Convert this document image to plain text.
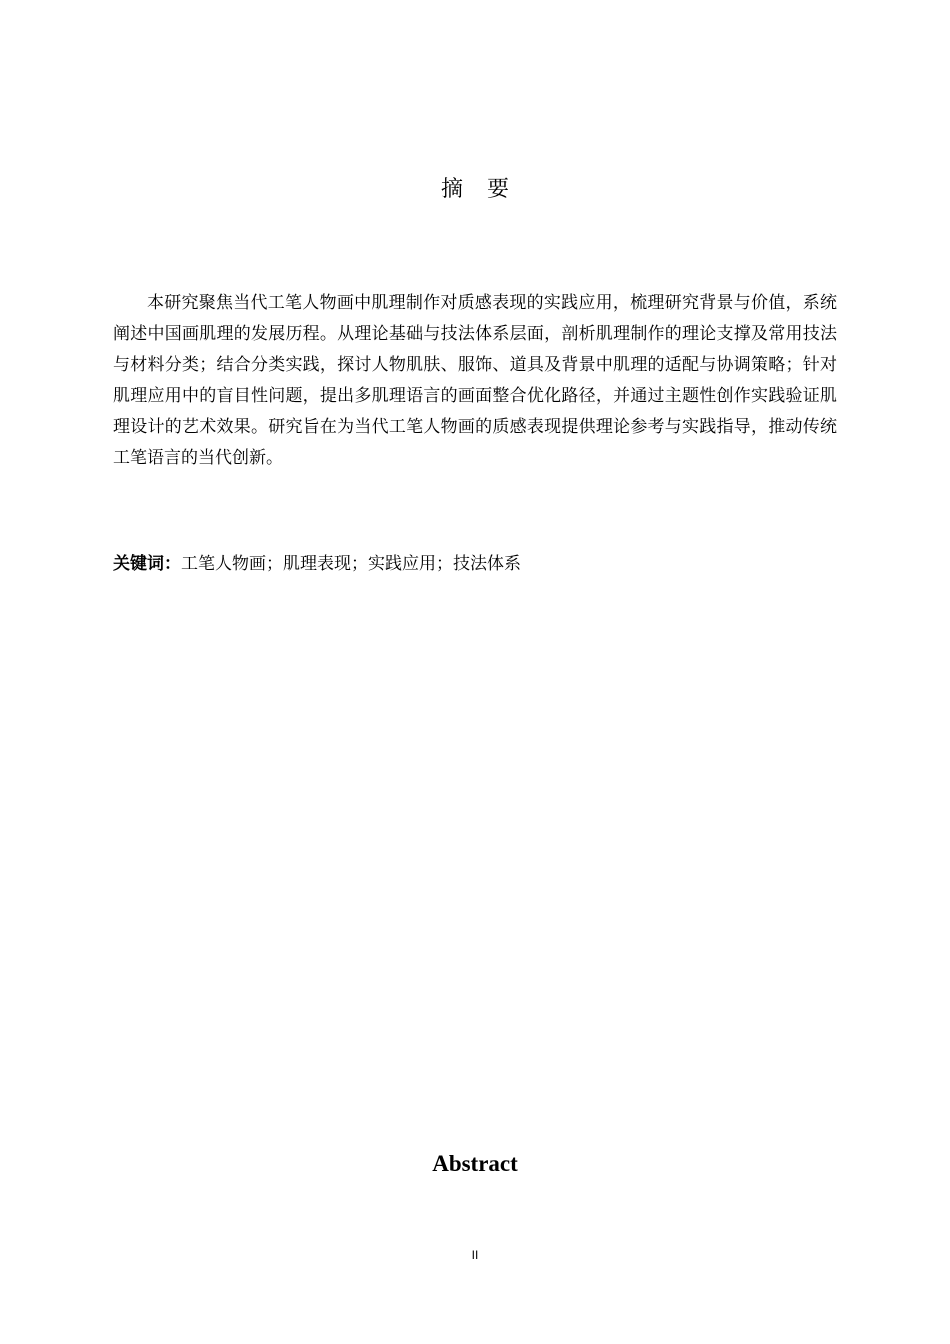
摘要

本研究聚焦当代工笔人物画中肌理制作对质感表现的实践应用，梳理研究背景与价值，系统阐述中国画肌理的发展历程。从理论基础与技法体系层面，剖析肌理制作的理论支撑及常用技法与材料分类；结合分类实践，探讨人物肌肤、服饰、道具及背景中肌理的适配与协调策略；针对肌理应用中的盲目性问题，提出多肌理语言的画面整合优化路径，并通过主题性创作实践验证肌理设计的艺术效果。研究旨在为当代工笔人物画的质感表现提供理论参考与实践指导，推动传统工笔语言的当代创新。

关键词：工笔人物画；肌理表现；实践应用；技法体系

Abstract
II
